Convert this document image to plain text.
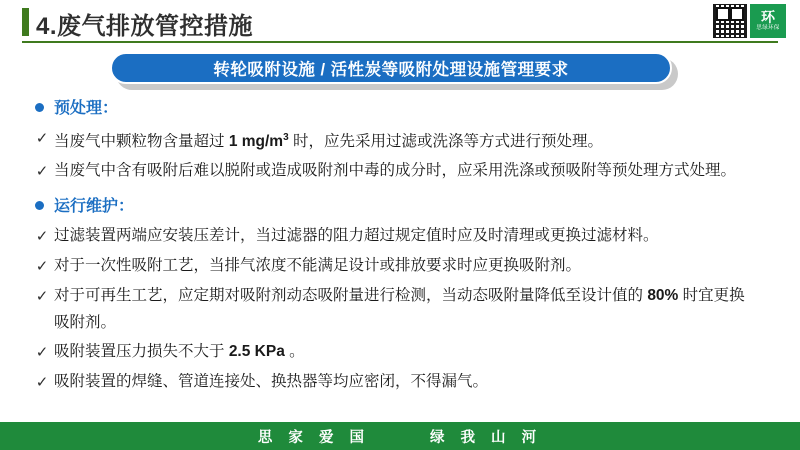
4.废气排放管控措施	环
思绿环保
转轮吸附设施 / 活性炭等吸附处理设施管理要求
预处理：
✓ 当废气中颗粒物含量超过 1 $mg/m^3$ 时，应先采用过滤或洗涤等方式进行预处理。
✓ 当废气中含有吸附后难以脱附或造成吸附剂中毒的成分时，应采用洗涤或预吸附等预处理方式处理。
运行维护：
✓ 过滤装置两端应安装压差计，当过滤器的阻力超过规定值时应及时清理或更换过滤材料。
✓ 对于一次性吸附工艺，当排气浓度不能满足设计或排放要求时应更换吸附剂。
✓ 对于可再生工艺，应定期对吸附剂动态吸附量进行检测，当动态吸附量降低至设计值的 80% 时宜更换吸附剂。
✓ 吸附装置压力损失不大于 2.5 KPa 。
✓ 吸附装置的焊缝、管道连接处、换热器等均应密闭，不得漏气。
思 家 爱 国	绿 我 山 河
